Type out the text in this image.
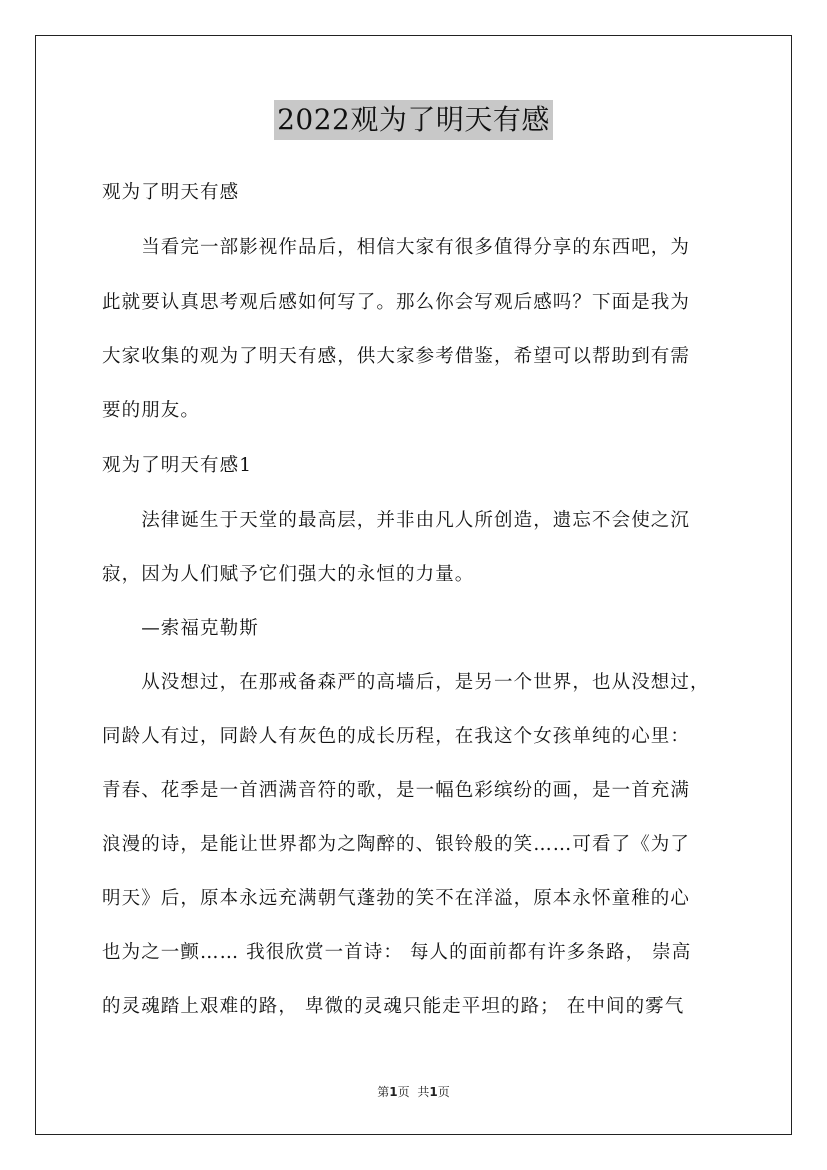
2022观为了明天有感
观为了明天有感
　　当看完一部影视作品后，相信大家有很多值得分享的东西吧，为
此就要认真思考观后感如何写了。那么你会写观后感吗？下面是我为
大家收集的观为了明天有感，供大家参考借鉴，希望可以帮助到有需
要的朋友。
观为了明天有感1
　　法律诞生于天堂的最高层，并非由凡人所创造，遗忘不会使之沉
寂，因为人们赋予它们强大的永恒的力量。
　　—索福克勒斯
　　从没想过，在那戒备森严的高墙后，是另一个世界，也从没想过，
同龄人有过，同龄人有灰色的成长历程，在我这个女孩单纯的心里：
青春、花季是一首洒满音符的歌，是一幅色彩缤纷的画，是一首充满
浪漫的诗，是能让世界都为之陶醉的、银铃般的笑……可看了《为了
明天》后，原本永远充满朝气蓬勃的笑不在洋溢，原本永怀童稚的心
也为之一颤…… 我很欣赏一首诗： 每人的面前都有许多条路， 崇高
的灵魂踏上艰难的路， 卑微的灵魂只能走平坦的路； 在中间的雾气
第1页 共1页
